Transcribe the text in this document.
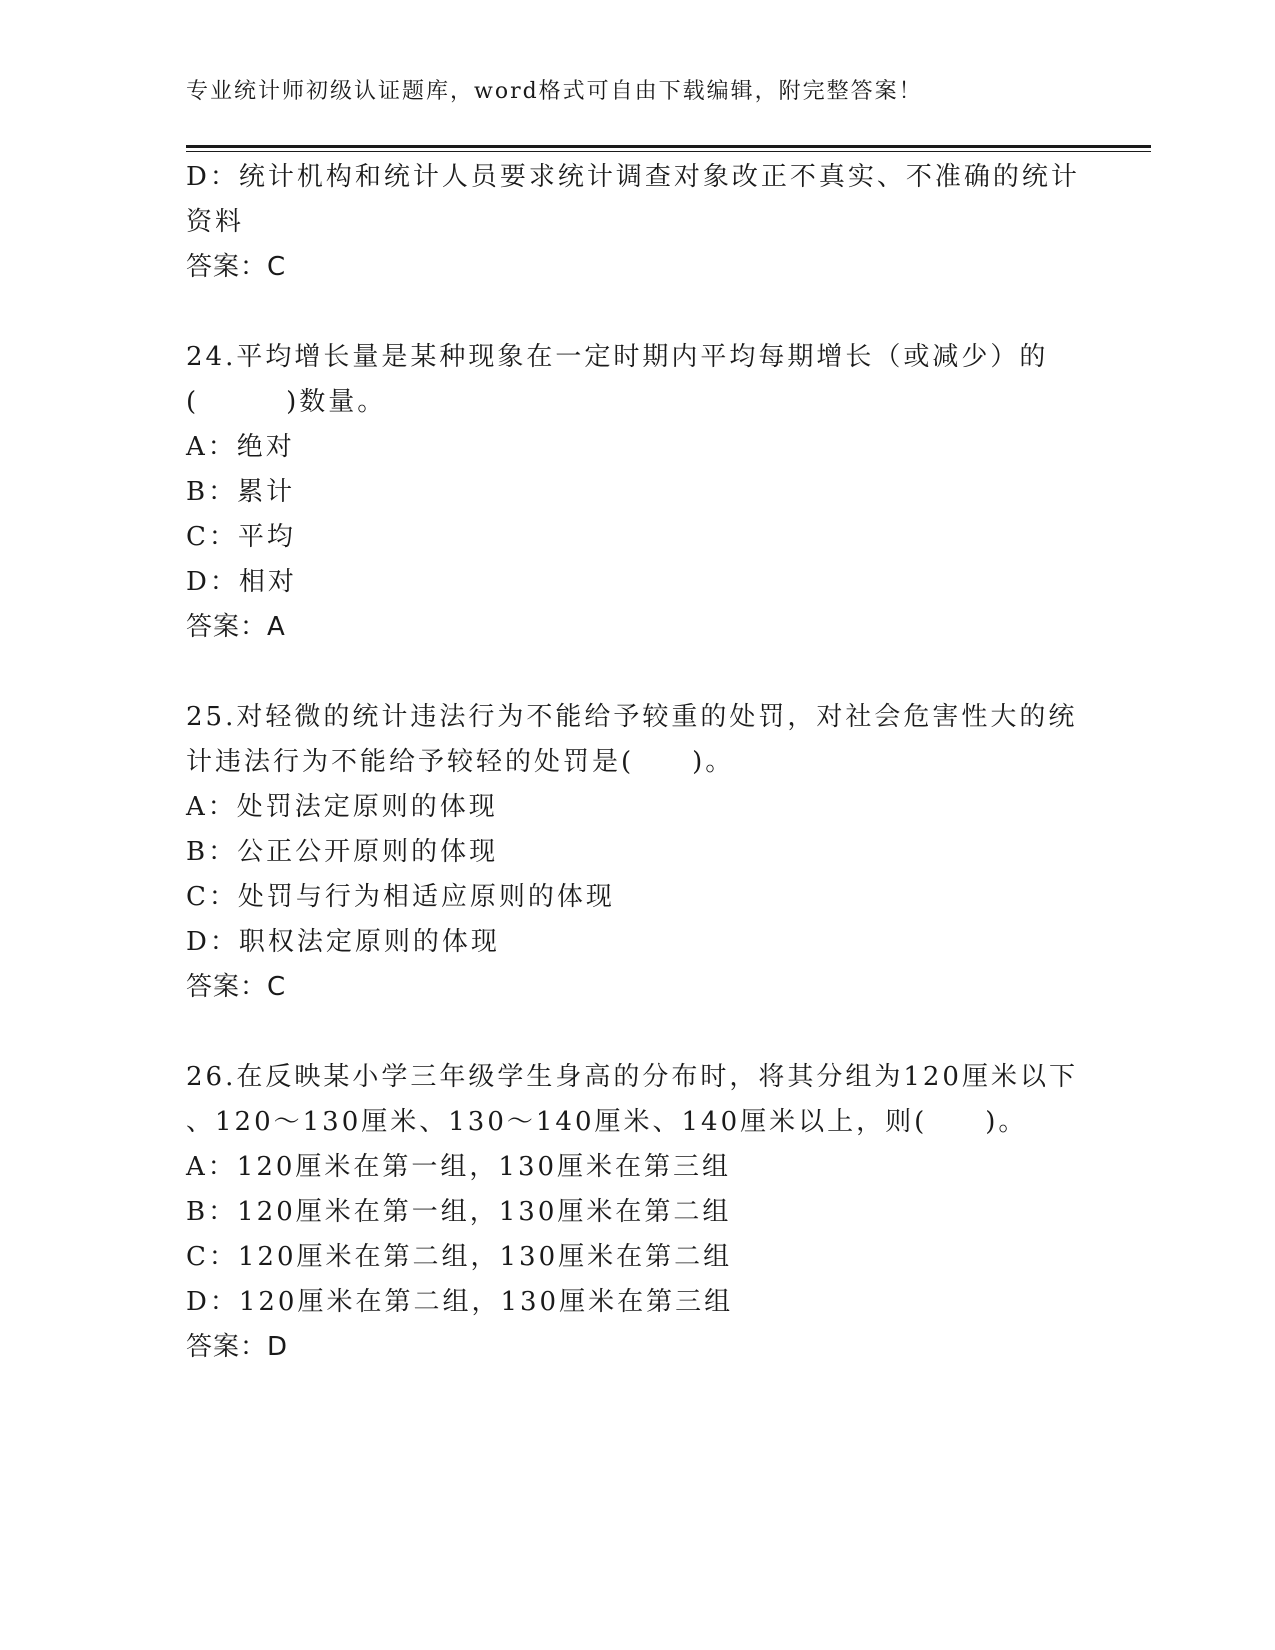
专业统计师初级认证题库，word格式可自由下载编辑，附完整答案！
D：统计机构和统计人员要求统计调查对象改正不真实、不准确的统计
资料
答案：C
24.平均增长量是某种现象在一定时期内平均每期增长（或减少）的
(　　　)数量。
A：绝对
B：累计
C：平均
D：相对
答案：A
25.对轻微的统计违法行为不能给予较重的处罚，对社会危害性大的统
计违法行为不能给予较轻的处罚是(　　)。
A：处罚法定原则的体现
B：公正公开原则的体现
C：处罚与行为相适应原则的体现
D：职权法定原则的体现
答案：C
26.在反映某小学三年级学生身高的分布时，将其分组为120厘米以下
、120～130厘米、130～140厘米、140厘米以上，则(　　)。
A：120厘米在第一组，130厘米在第三组
B：120厘米在第一组，130厘米在第二组
C：120厘米在第二组，130厘米在第二组
D：120厘米在第二组，130厘米在第三组
答案：D
